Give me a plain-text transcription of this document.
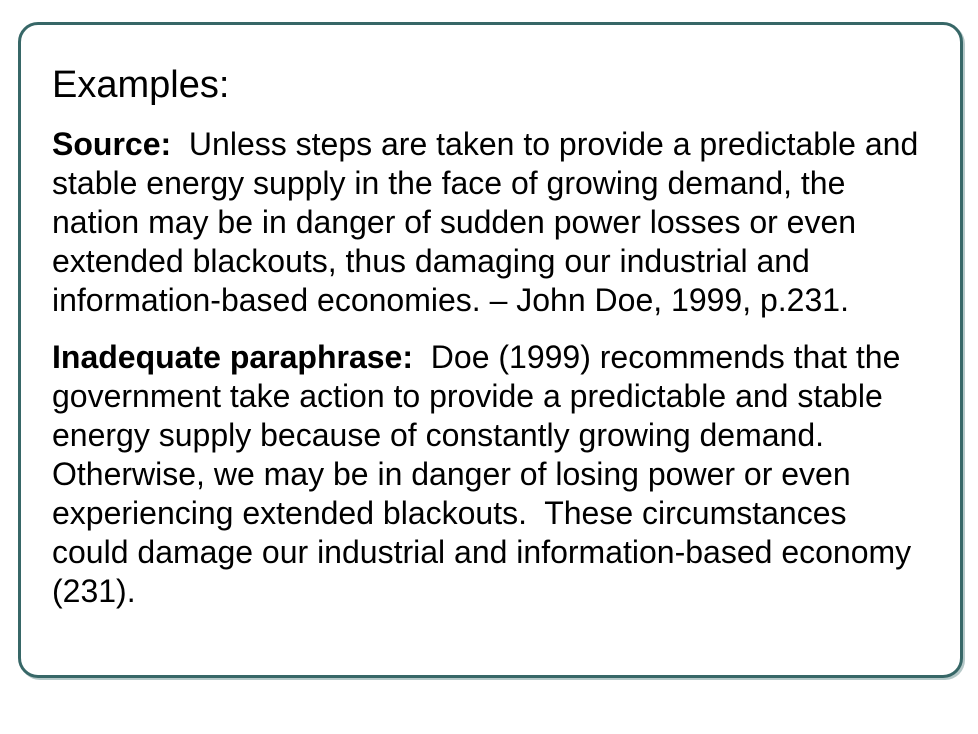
Examples:

Source:  Unless steps are taken to provide a predictable and stable energy supply in the face of growing demand, the nation may be in danger of sudden power losses or even extended blackouts, thus damaging our industrial and information-based economies. – John Doe, 1999, p.231.

Inadequate paraphrase:  Doe (1999) recommends that the government take action to provide a predictable and stable energy supply because of constantly growing demand.  Otherwise, we may be in danger of losing power or even experiencing extended blackouts.  These circumstances could damage our industrial and information-based economy (231).
